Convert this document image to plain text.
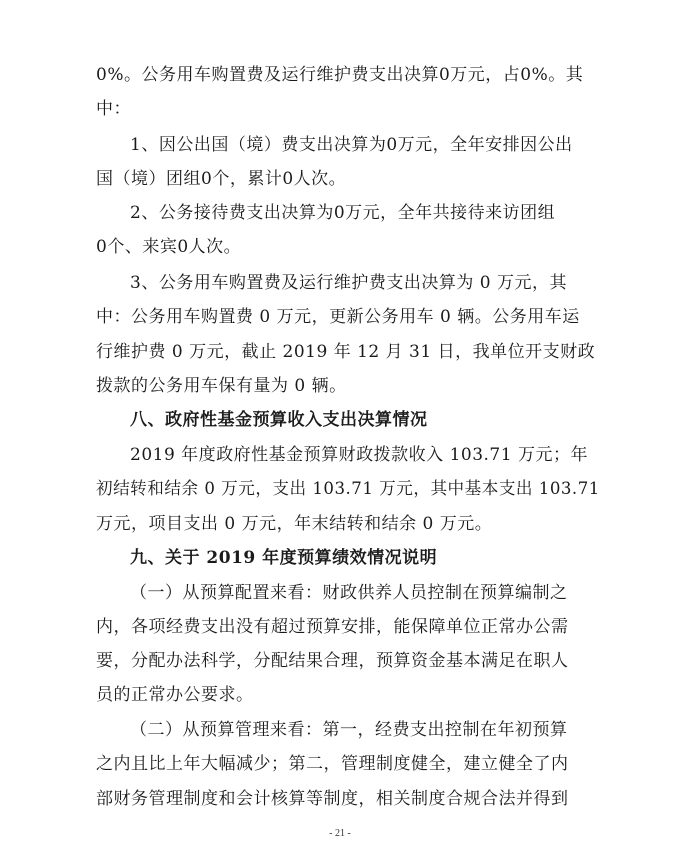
0%。公务用车购置费及运行维护费支出决算0万元，占0%。其
中：
1、因公出国（境）费支出决算为0万元，全年安排因公出
国（境）团组0个，累计0人次。
2、公务接待费支出决算为0万元，全年共接待来访团组
0个、来宾0人次。
3、公务用车购置费及运行维护费支出决算为 0 万元，其
中：公务用车购置费 0 万元，更新公务用车 0 辆。公务用车运
行维护费 0 万元，截止 2019 年 12 月 31 日，我单位开支财政
拨款的公务用车保有量为 0 辆。
八、政府性基金预算收入支出决算情况
2019 年度政府性基金预算财政拨款收入 103.71 万元；年
初结转和结余 0 万元，支出 103.71 万元，其中基本支出 103.71
万元，项目支出 0 万元，年末结转和结余 0 万元。
九、关于 2019 年度预算绩效情况说明
（一）从预算配置来看：财政供养人员控制在预算编制之
内，各项经费支出没有超过预算安排，能保障单位正常办公需
要，分配办法科学，分配结果合理，预算资金基本满足在职人
员的正常办公要求。
（二）从预算管理来看：第一，经费支出控制在年初预算
之内且比上年大幅减少；第二，管理制度健全，建立健全了内
部财务管理制度和会计核算等制度，相关制度合规合法并得到
- 21 -
